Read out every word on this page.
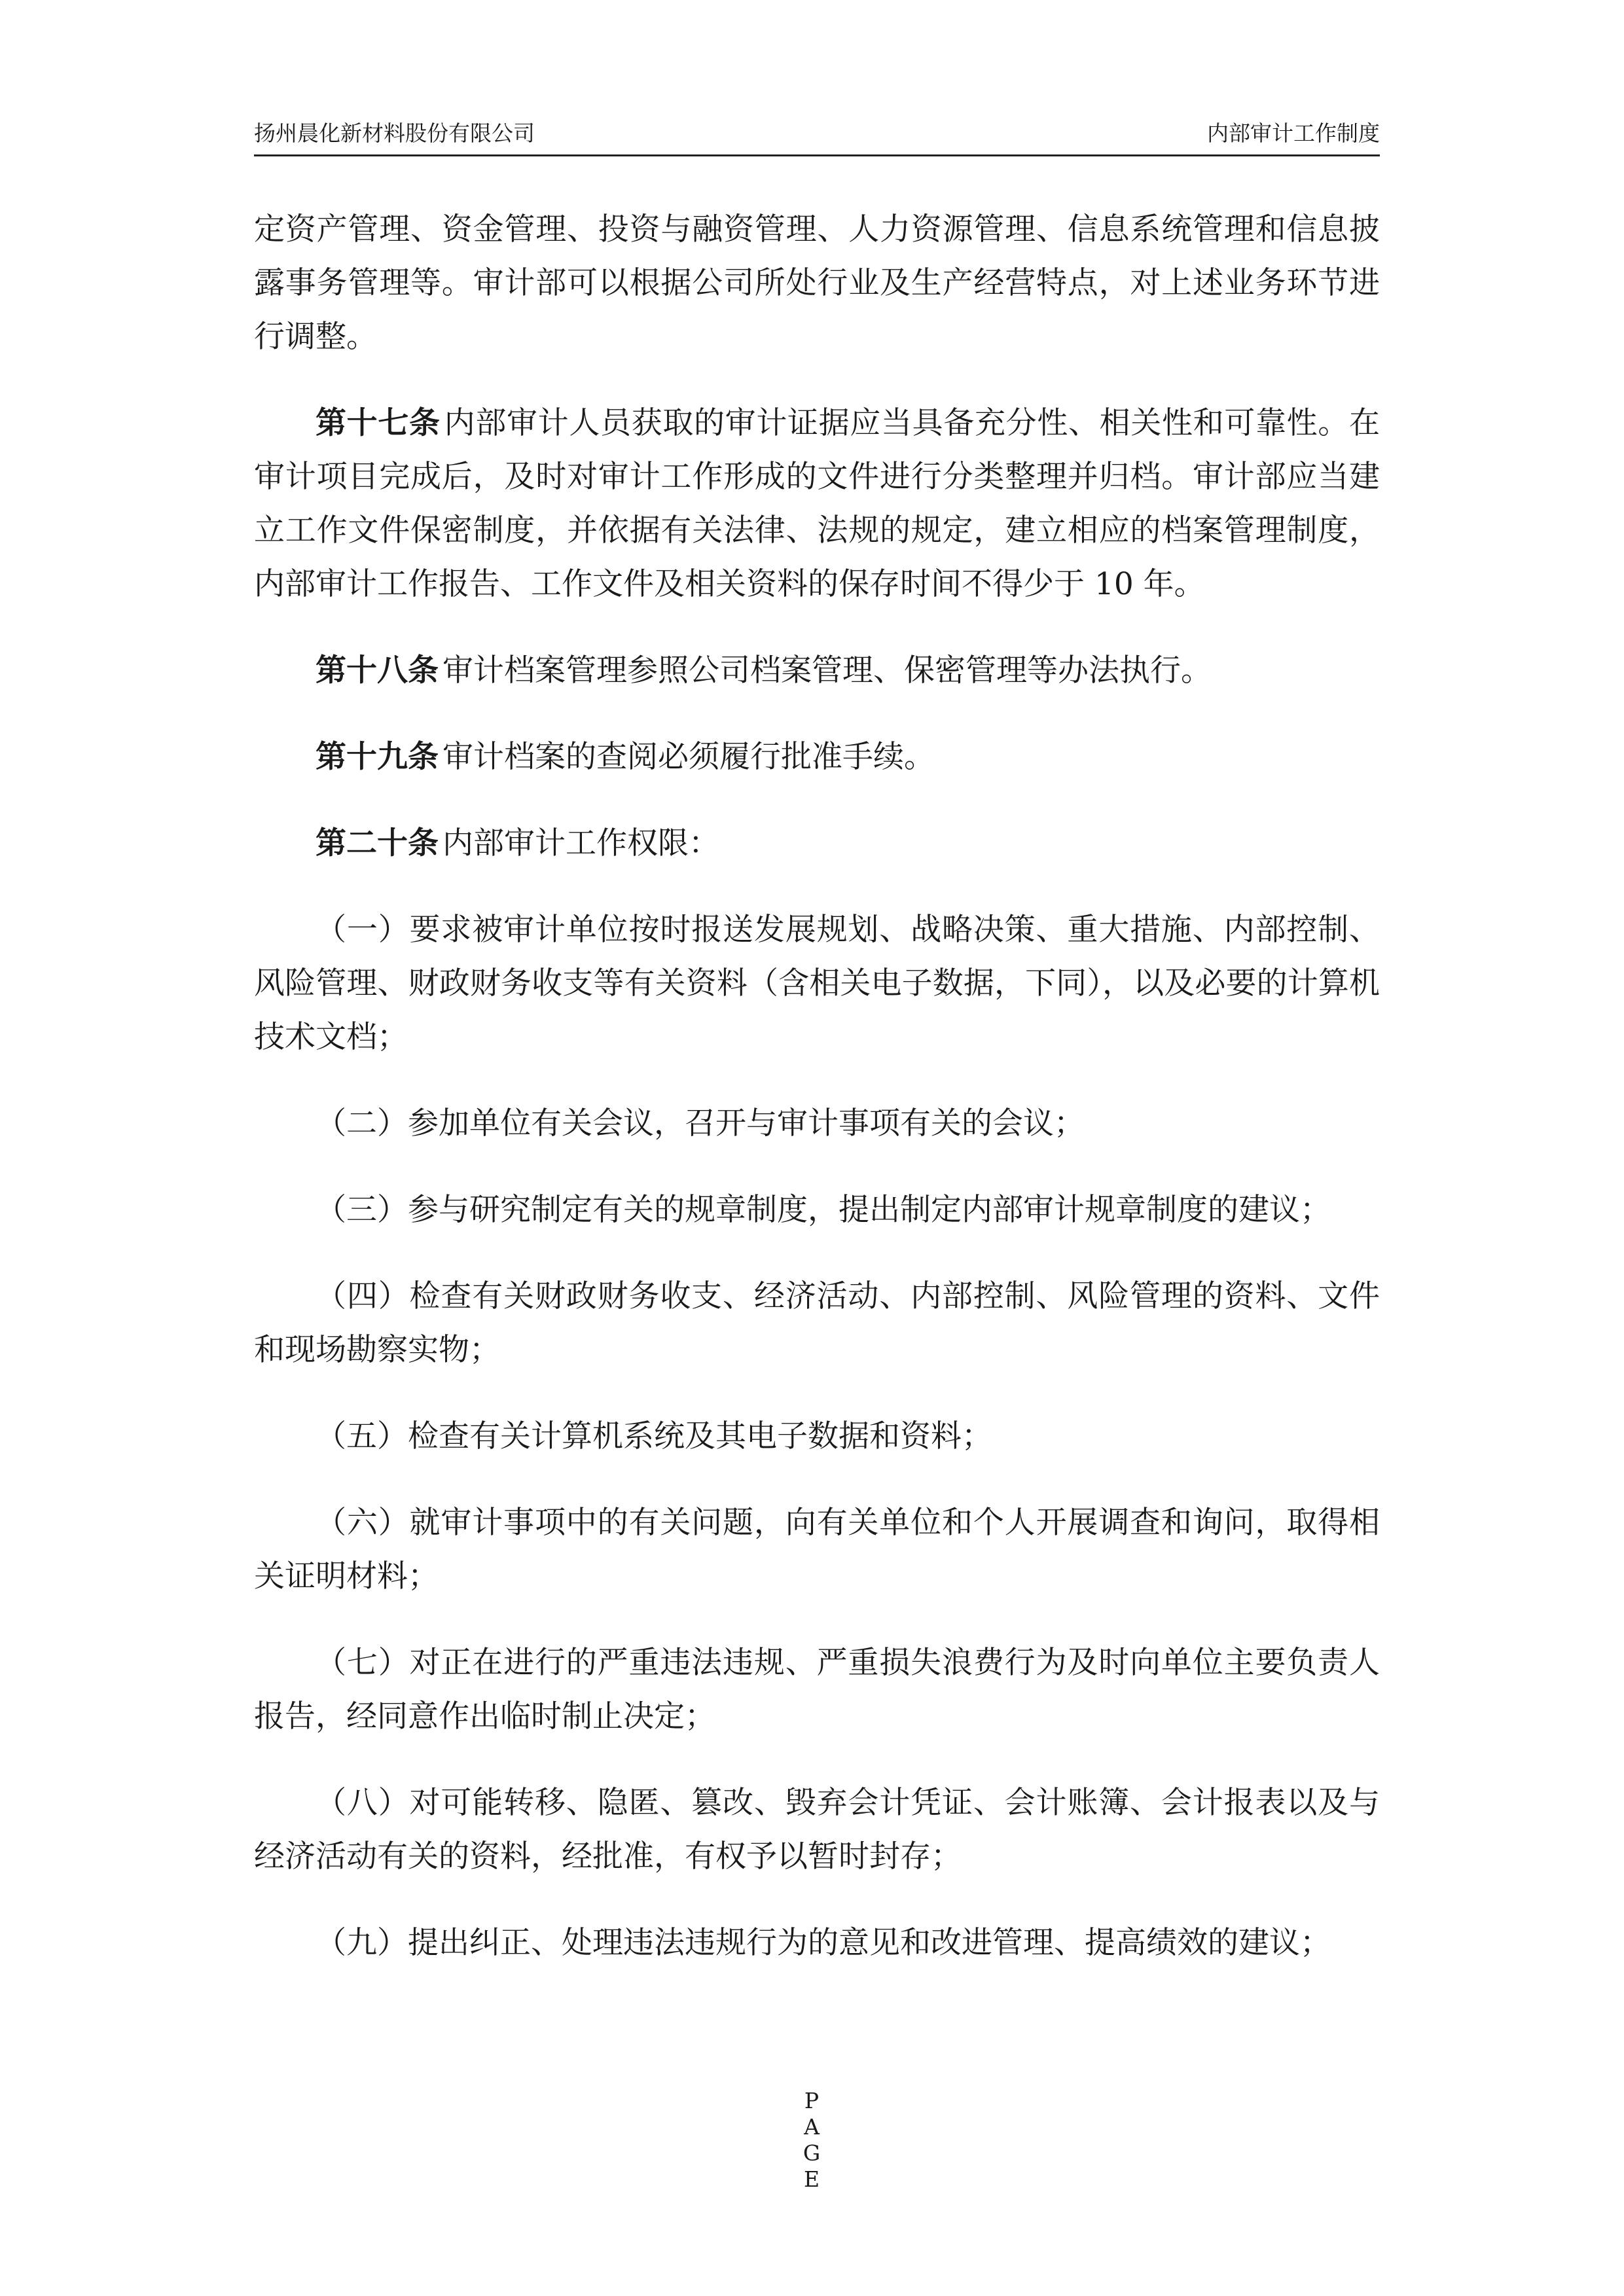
扬州晨化新材料股份有限公司	内部审计工作制度

定资产管理、资金管理、投资与融资管理、人力资源管理、信息系统管理和信息披露事务管理等。审计部可以根据公司所处行业及生产经营特点，对上述业务环节进行调整。

第十七条 内部审计人员获取的审计证据应当具备充分性、相关性和可靠性。在审计项目完成后，及时对审计工作形成的文件进行分类整理并归档。审计部应当建立工作文件保密制度，并依据有关法律、法规的规定，建立相应的档案管理制度，内部审计工作报告、工作文件及相关资料的保存时间不得少于 10 年。

第十八条 审计档案管理参照公司档案管理、保密管理等办法执行。

第十九条 审计档案的查阅必须履行批准手续。

第二十条 内部审计工作权限：

（一）要求被审计单位按时报送发展规划、战略决策、重大措施、内部控制、风险管理、财政财务收支等有关资料（含相关电子数据，下同），以及必要的计算机技术文档；

（二）参加单位有关会议，召开与审计事项有关的会议；

（三）参与研究制定有关的规章制度，提出制定内部审计规章制度的建议；

（四）检查有关财政财务收支、经济活动、内部控制、风险管理的资料、文件和现场勘察实物；

（五）检查有关计算机系统及其电子数据和资料；

（六）就审计事项中的有关问题，向有关单位和个人开展调查和询问，取得相关证明材料；

（七）对正在进行的严重违法违规、严重损失浪费行为及时向单位主要负责人报告，经同意作出临时制止决定；

（八）对可能转移、隐匿、篡改、毁弃会计凭证、会计账簿、会计报表以及与经济活动有关的资料，经批准，有权予以暂时封存；

（九）提出纠正、处理违法违规行为的意见和改进管理、提高绩效的建议；

P
A
G
E
